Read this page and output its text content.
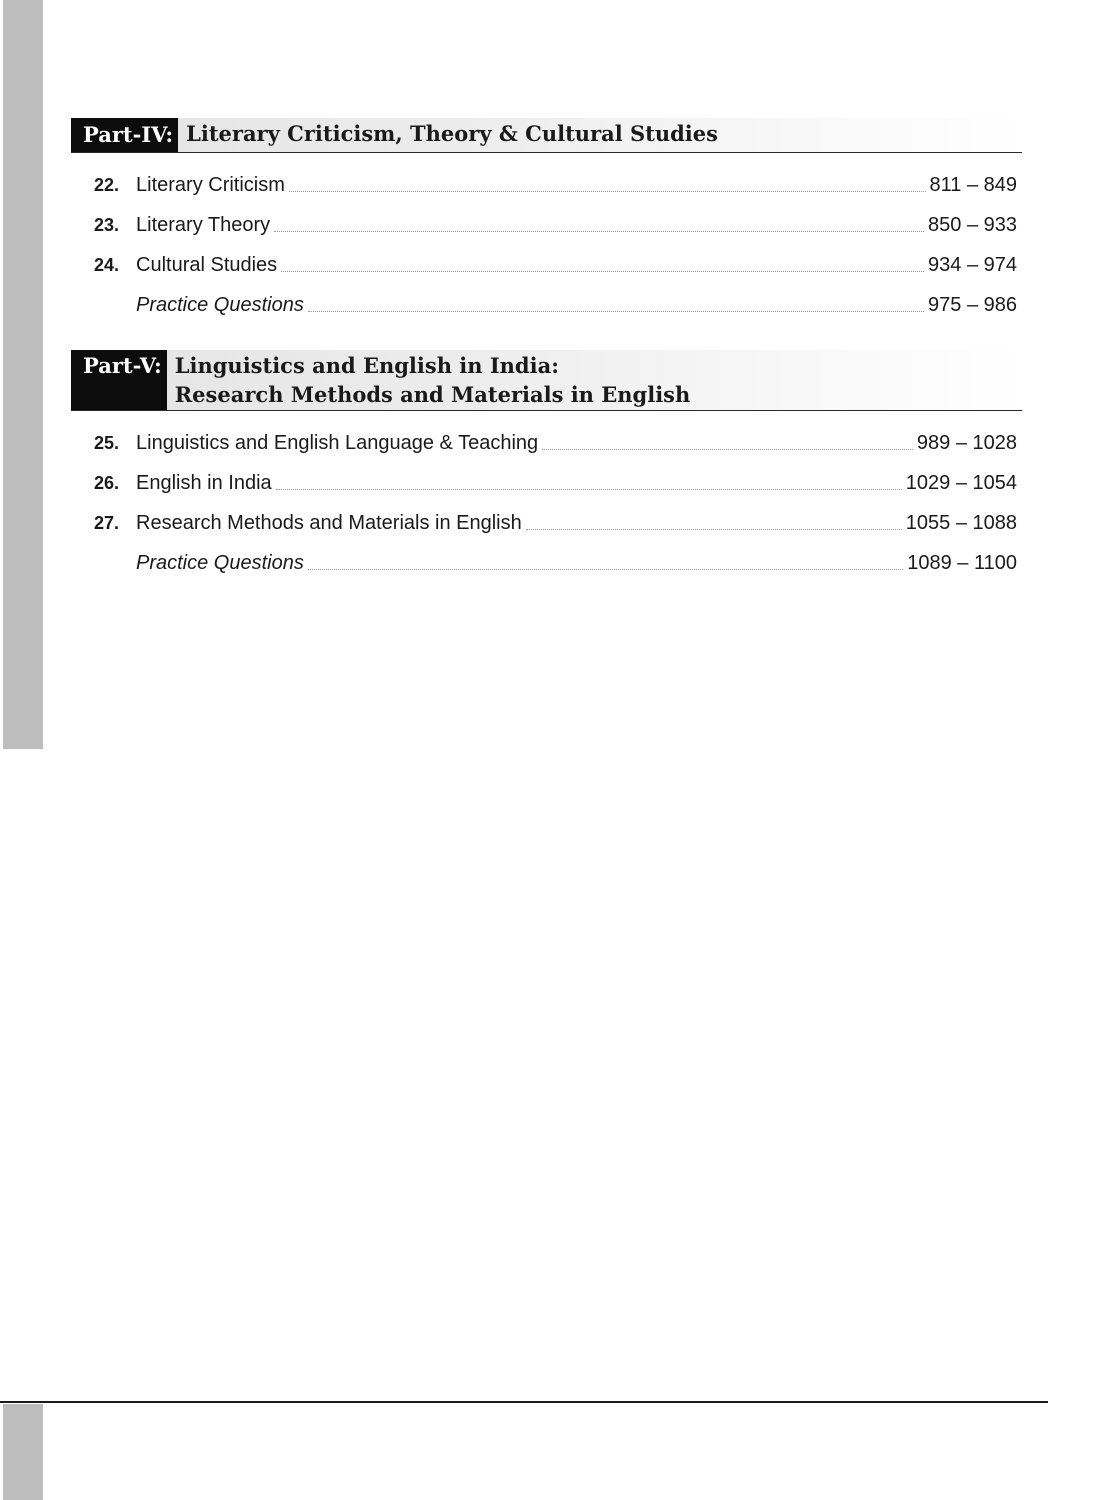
Part-IV: Literary Criticism, Theory & Cultural Studies
22. Literary Criticism	811 – 849
23. Literary Theory	850 – 933
24. Cultural Studies	934 – 974
Practice Questions	975 – 986
Part-V: Linguistics and English in India:
Research Methods and Materials in English
25. Linguistics and English Language & Teaching	989 – 1028
26. English in India	1029 – 1054
27. Research Methods and Materials in English	1055 – 1088
Practice Questions	1089 – 1100
